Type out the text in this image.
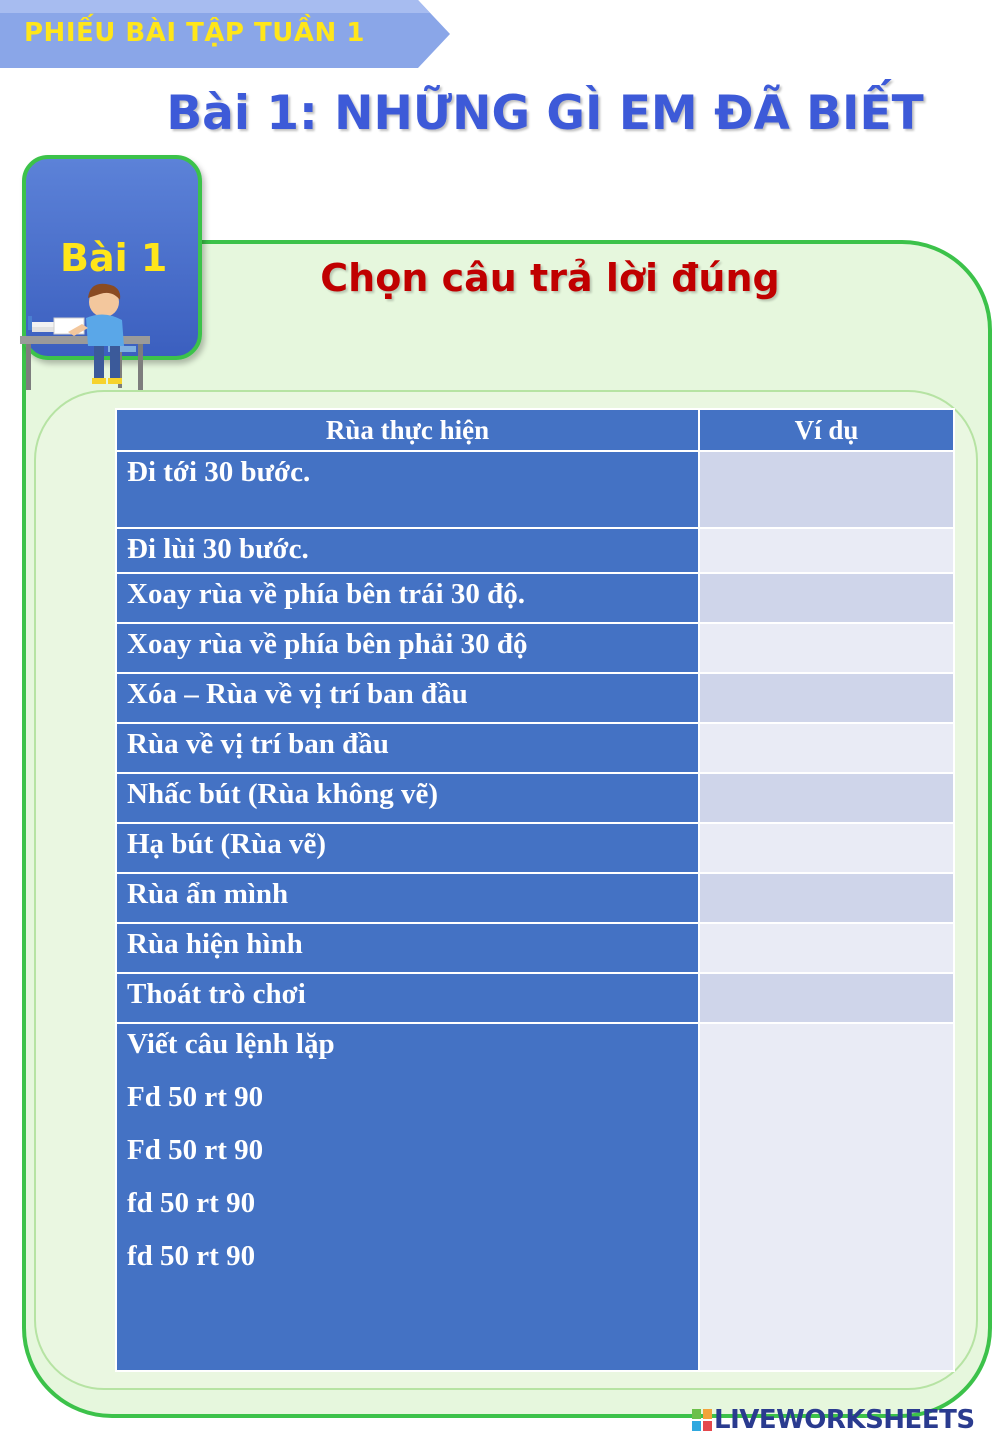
PHIẾU BÀI TẬP TUẦN 1
Bài 1: NHỮNG GÌ EM ĐÃ BIẾT
Bài 1	Chọn câu trả lời đúng
Rùa thực hiện	Ví dụ
Đi tới 30 bước.	
Đi lùi 30 bước.	
Xoay rùa về phía bên trái 30 độ.	
Xoay rùa về phía bên phải 30 độ	
Xóa – Rùa về vị trí ban đầu	
Rùa về vị trí ban đầu	
Nhấc bút (Rùa không vẽ)	
Hạ bút (Rùa vẽ)	
Rùa ẩn mình	
Rùa hiện hình	
Thoát trò chơi	

Viết câu lệnh lặp
Fd 50 rt 90
Fd 50 rt 90
fd 50 rt 90
fd 50 rt 90	

LIVEWORKSHEETS
